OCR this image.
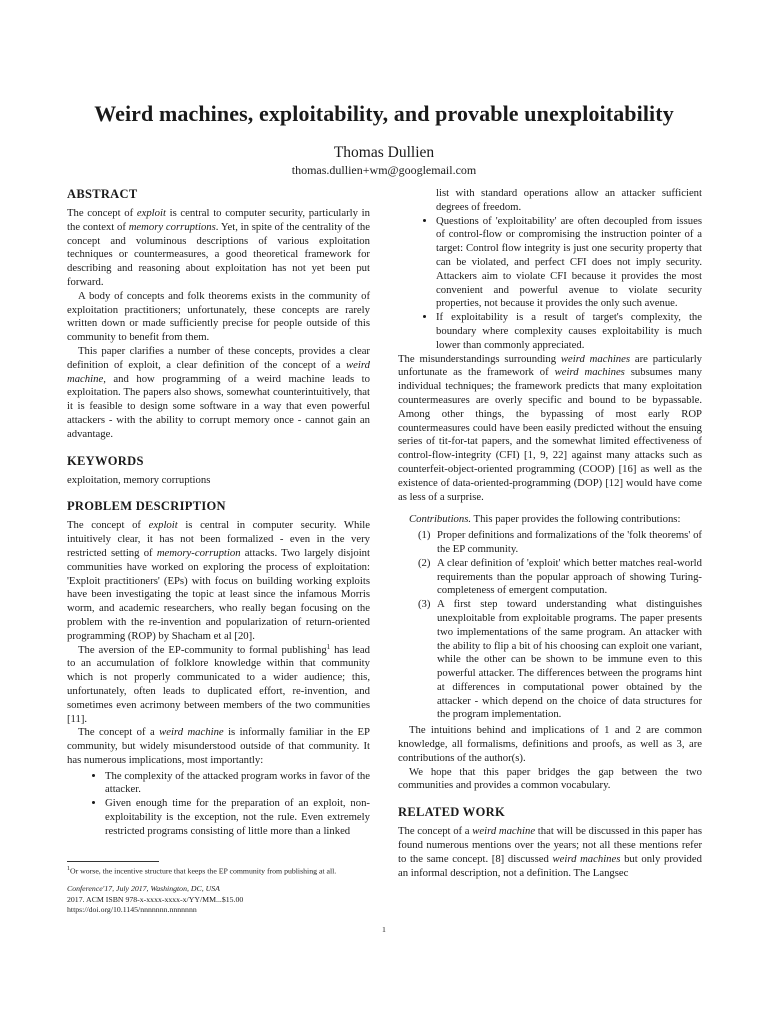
Weird machines, exploitability, and provable unexploitability
Thomas Dullien
thomas.dullien+wm@googlemail.com
ABSTRACT

The concept of exploit is central to computer security, particularly in the context of memory corruptions. Yet, in spite of the centrality of the concept and voluminous descriptions of various exploitation techniques or countermeasures, a good theoretical framework for describing and reasoning about exploitation has not yet been put forward.

A body of concepts and folk theorems exists in the community of exploitation practitioners; unfortunately, these concepts are rarely written down or made sufficiently precise for people outside of this community to benefit from them.

This paper clarifies a number of these concepts, provides a clear definition of exploit, a clear definition of the concept of a weird machine, and how programming of a weird machine leads to exploitation. The papers also shows, somewhat counterintuitively, that it is feasible to design some software in a way that even powerful attackers - with the ability to corrupt memory once - cannot gain an advantage.

KEYWORDS

exploitation, memory corruptions

PROBLEM DESCRIPTION

The concept of exploit is central in computer security. While intuitively clear, it has not been formalized - even in the very restricted setting of memory-corruption attacks. Two largely disjoint communities have worked on exploring the process of exploitation: 'Exploit practitioners' (EPs) with focus on building working exploits have been investigating the topic at least since the infamous Morris worm, and academic researchers, who really began focusing on the problem with the re-invention and popularization of return-oriented programming (ROP) by Shacham et al [20].

The aversion of the EP-community to formal publishing$^1$ has lead to an accumulation of folklore knowledge within that community which is not properly communicated to a wider audience; this, unfortunately, often leads to duplicated effort, re-invention, and sometimes even acrimony between members of the two communities [11].

The concept of a weird machine is informally familiar in the EP community, but widely misunderstood outside of that community. It has numerous implications, most importantly:

• The complexity of the attacked program works in favor of the attacker.
• Given enough time for the preparation of an exploit, non-exploitability is the exception, not the rule. Even extremely restricted programs consisting of little more than a linked
$^1$Or worse, the incentive structure that keeps the EP community from publishing at all.
Conference'17, July 2017, Washington, DC, USA
2017. ACM ISBN 978-x-xxxx-xxxx-x/YY/MM...$15.00
https://doi.org/10.1145/nnnnnnn.nnnnnnn
list with standard operations allow an attacker sufficient degrees of freedom.
• Questions of 'exploitability' are often decoupled from issues of control-flow or compromising the instruction pointer of a target: Control flow integrity is just one security property that can be violated, and perfect CFI does not imply security. Attackers aim to violate CFI because it provides the most convenient and powerful avenue to violate security properties, not because it provides the only such avenue.
• If exploitability is a result of target's complexity, the boundary where complexity causes exploitability is much lower than commonly appreciated.

The misunderstandings surrounding weird machines are particularly unfortunate as the framework of weird machines subsumes many individual techniques; the framework predicts that many exploitation countermeasures are overly specific and bound to be bypassable. Among other things, the bypassing of most early ROP countermeasures could have been easily predicted without the ensuing series of tit-for-tat papers, and the somewhat limited effectiveness of control-flow-integrity (CFI) [1, 9, 22] against many attacks such as counterfeit-object-oriented programming (COOP) [16] as well as the existence of data-oriented-programming (DOP) [12] would have come as less of a surprise.

Contributions. This paper provides the following contributions:

(1) Proper definitions and formalizations of the 'folk theorems' of the EP community.
(2) A clear definition of 'exploit' which better matches real-world requirements than the popular approach of showing Turing-completeness of emergent computation.
(3) A first step toward understanding what distinguishes unexploitable from exploitable programs. The paper presents two implementations of the same program. An attacker with the ability to flip a bit of his choosing can exploit one variant, while the other can be shown to be immune even to this powerful attacker. The differences between the programs hint at differences in computational power obtained by the attacker - which depend on the choice of data structures for the program implementation.

The intuitions behind and implications of 1 and 2 are common knowledge, all formalisms, definitions and proofs, as well as 3, are contributions of the author(s).

We hope that this paper bridges the gap between the two communities and provides a common vocabulary.

RELATED WORK

The concept of a weird machine that will be discussed in this paper has found numerous mentions over the years; not all these mentions refer to the same concept. [8] discussed weird machines but only provided an informal description, not a definition. The Langsec

1
